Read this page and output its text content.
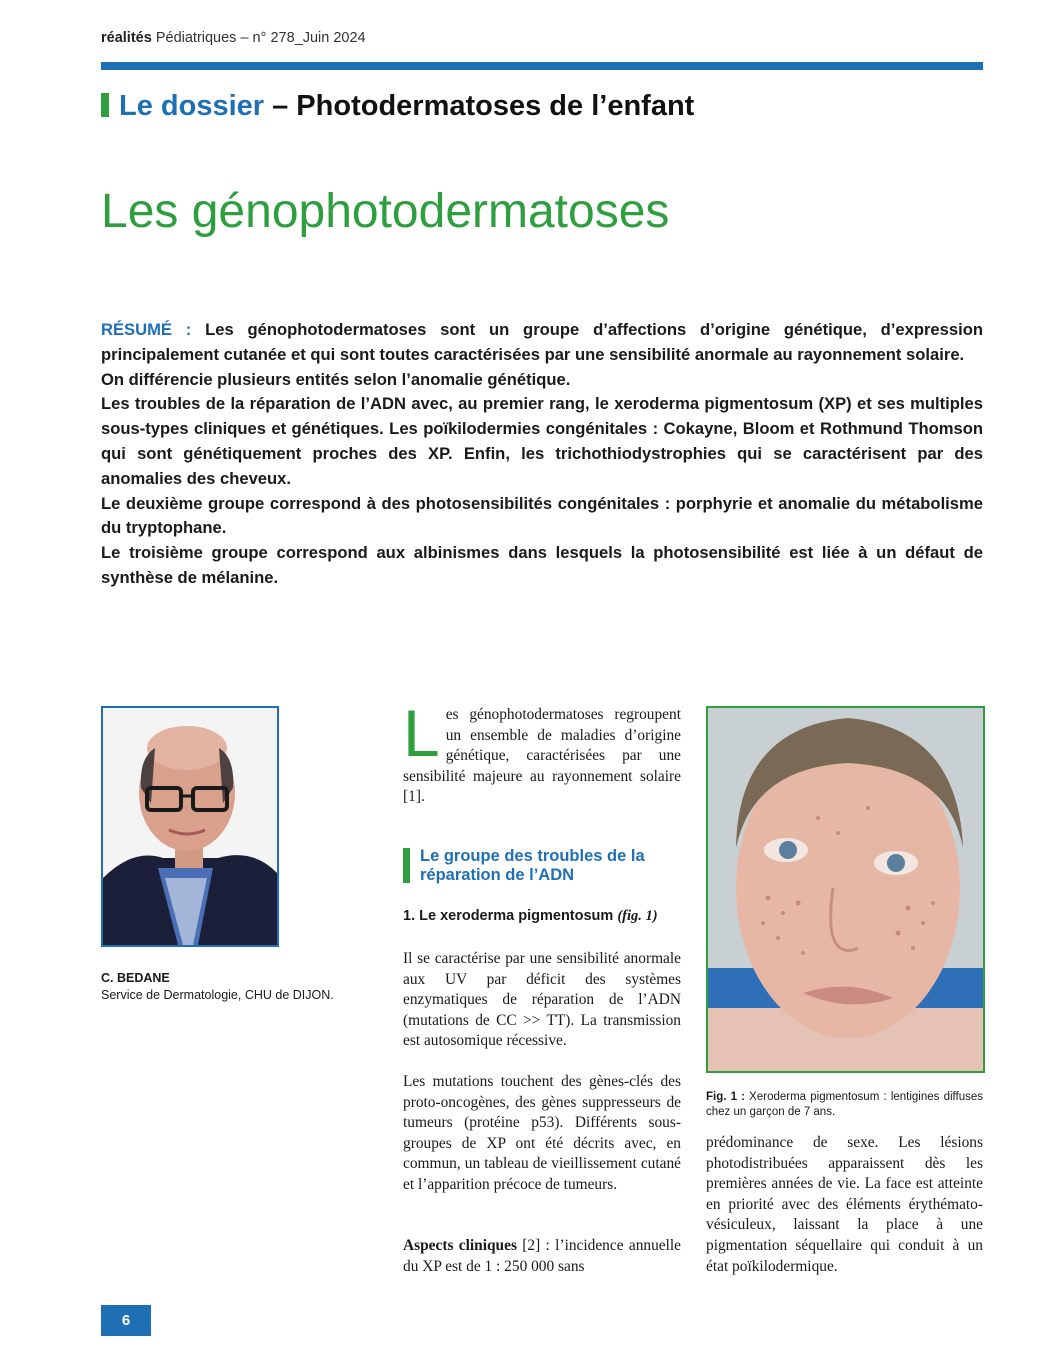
réalités Pédiatriques – n° 278_Juin 2024
Le dossier – Photodermatoses de l’enfant
Les génophotodermatoses

RÉSUMÉ : Les génophotodermatoses sont un groupe d’affections d’origine génétique, d’expression principalement cutanée et qui sont toutes caractérisées par une sensibilité anormale au rayonnement solaire.

On différencie plusieurs entités selon l’anomalie génétique.

Les troubles de la réparation de l’ADN avec, au premier rang, le xeroderma pigmentosum (XP) et ses multiples sous-types cliniques et génétiques. Les poïkilodermies congénitales : Cokayne, Bloom et Rothmund Thomson qui sont génétiquement proches des XP. Enfin, les trichothiodystrophies qui se caractérisent par des anomalies des cheveux.

Le deuxième groupe correspond à des photosensibilités congénitales : porphyrie et anomalie du métabolisme du tryptophane.

Le troisième groupe correspond aux albinismes dans lesquels la photosensibilité est liée à un défaut de synthèse de mélanine.

C. BEDANE
Service de Dermatologie, CHU de DIJON.
Les génophotodermatoses regroupent un ensemble de maladies d’origine génétique, caractérisées par une sensibilité majeure au rayonnement solaire [1].
Le groupe des troubles de la réparation de l’ADN
1. Le xeroderma pigmentosum (fig. 1)
Il se caractérise par une sensibilité anormale aux UV par déficit des systèmes enzymatiques de réparation de l’ADN (mutations de CC >> TT). La transmission est autosomique récessive.
Les mutations touchent des gènes-clés des proto-oncogènes, des gènes suppresseurs de tumeurs (protéine p53). Différents sous-groupes de XP ont été décrits avec, en commun, un tableau de vieillissement cutané et l’apparition précoce de tumeurs.
Aspects cliniques [2] : l’incidence annuelle du XP est de 1 : 250 000 sans
Fig. 1 : Xeroderma pigmentosum : lentigines diffuses chez un garçon de 7 ans.
prédominance de sexe. Les lésions photodistribuées apparaissent dès les premières années de vie. La face est atteinte en priorité avec des éléments érythémato-vésiculeux, laissant la place à une pigmentation séquellaire qui conduit à un état poïkilodermique.
6
